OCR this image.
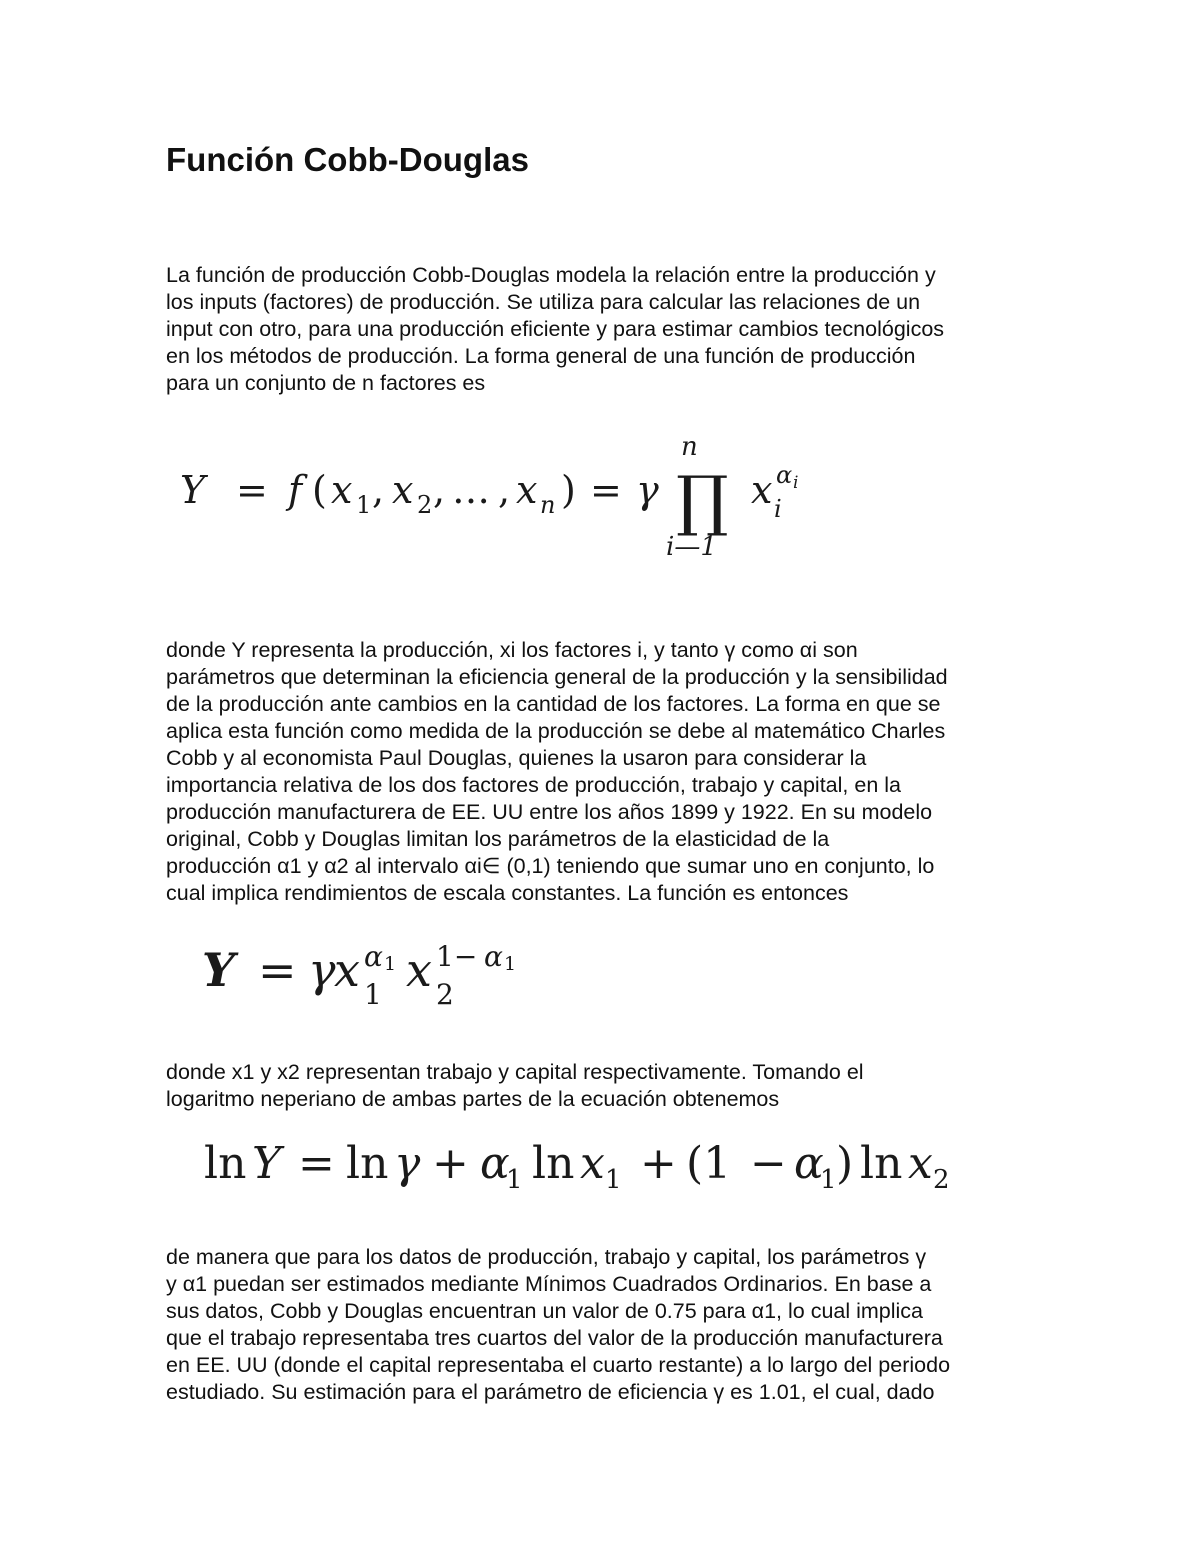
Función Cobb-Douglas
La función de producción Cobb-Douglas modela la relación entre la producción y
los inputs (factores) de producción. Se utiliza para calcular las relaciones de un
input con otro, para una producción eficiente y para estimar cambios tecnológicos
en los métodos de producción. La forma general de una función de producción
para un conjunto de n factores es
Y = f ( x 1 , x 2 , … , x n ) = γ
n
∏
i—1
x i
α i
donde Y representa la producción, xi los factores i, y tanto γ como αi son
parámetros que determinan la eficiencia general de la producción y la sensibilidad
de la producción ante cambios en la cantidad de los factores. La forma en que se
aplica esta función como medida de la producción se debe al matemático Charles
Cobb y al economista Paul Douglas, quienes la usaron para considerar la
importancia relativa de los dos factores de producción, trabajo y capital, en la
producción manufacturera de EE. UU entre los años 1899 y 1922. En su modelo
original, Cobb y Douglas limitan los parámetros de la elasticidad de la
producción α1 y α2 al intervalo αi∈ (0,1) teniendo que sumar uno en conjunto, lo
cual implica rendimientos de escala constantes. La función es entonces
Y = γ
x 1
α 1 x 2
1− α 1
donde x1 y x2 representan trabajo y capital respectivamente. Tomando el
logaritmo neperiano de ambas partes de la ecuación obtenemos
ln Y = ln γ + α
1 ln x 1 + (1 − α
1 ) ln x 2
de manera que para los datos de producción, trabajo y capital, los parámetros γ
y α1 puedan ser estimados mediante Mínimos Cuadrados Ordinarios. En base a
sus datos, Cobb y Douglas encuentran un valor de 0.75 para α1, lo cual implica
que el trabajo representaba tres cuartos del valor de la producción manufacturera
en EE. UU (donde el capital representaba el cuarto restante) a lo largo del periodo
estudiado. Su estimación para el parámetro de eficiencia γ es 1.01, el cual, dado
